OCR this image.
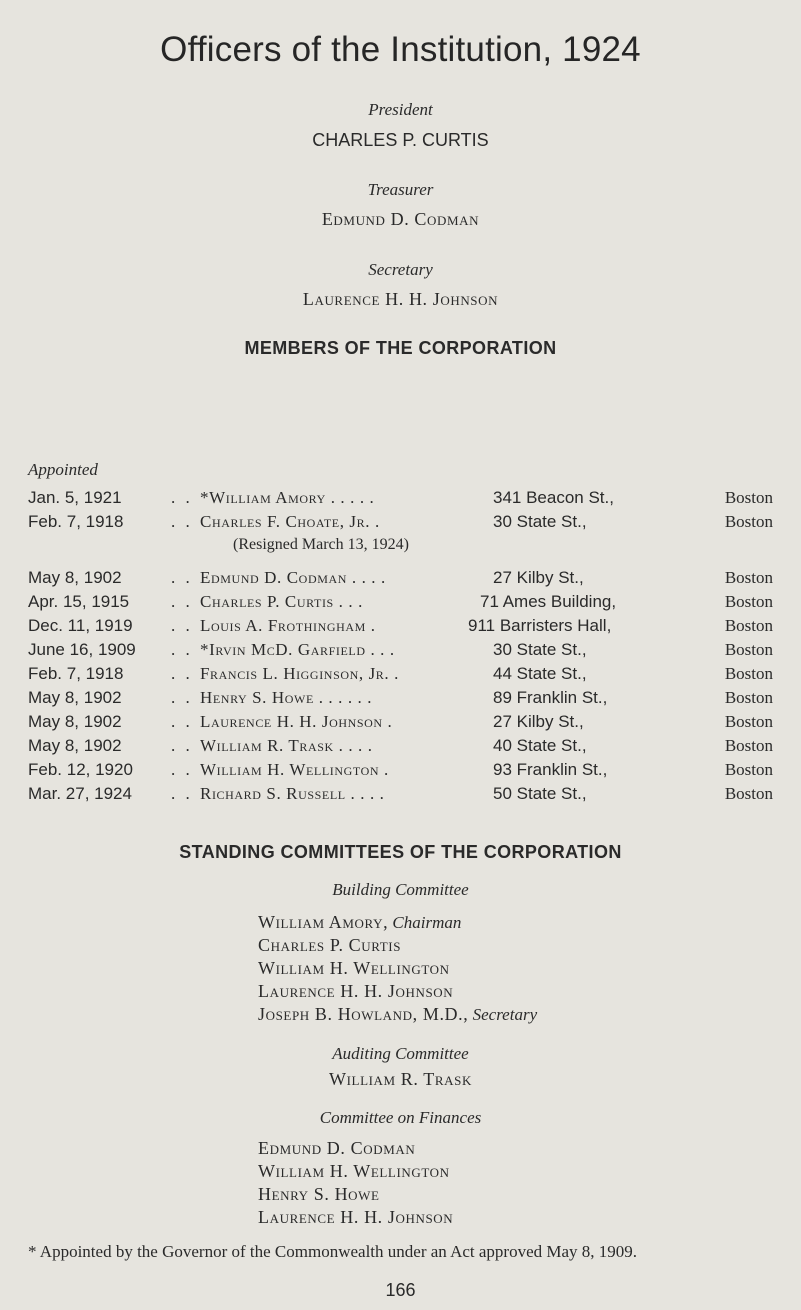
Officers of the Institution, 1924
President
CHARLES P. CURTIS
Treasurer
Edmund D. Codman
Secretary
Laurence H. H. Johnson
MEMBERS OF THE CORPORATION
Appointed
Jan. 5, 1921	. . *William Amory . . . . .	341 Beacon St.,	Boston
Feb. 7, 1918	. . Charles F. Choate, Jr. .	30 State St.,	Boston
(Resigned March 13, 1924)
May 8, 1902	. . Edmund D. Codman . . . .	27 Kilby St.,	Boston
Apr. 15, 1915 . . Charles P. Curtis . . .	71 Ames Building,	Boston
Dec. 11, 1919 . . Louis A. Frothingham .	911 Barristers Hall,	Boston
June 16, 1909 . . *Irvin McD. Garfield . . .	30 State St.,	Boston
Feb. 7, 1918	. . Francis L. Higginson, Jr. .	44 State St.,	Boston
May 8, 1902	. . Henry S. Howe . . . . . .	89 Franklin St.,	Boston
May 8, 1902	. . Laurence H. H. Johnson .	27 Kilby St.,	Boston
May 8, 1902	. . William R. Trask . . . .	40 State St.,	Boston
Feb. 12, 1920 . . William H. Wellington .	93 Franklin St.,	Boston
Mar. 27, 1924 . . Richard S. Russell . . . .	50 State St.,	Boston
STANDING COMMITTEES OF THE CORPORATION
Building Committee
William Amory, Chairman
Charles P. Curtis
William H. Wellington
Laurence H. H. Johnson
Joseph B. Howland, M.D., Secretary
Auditing Committee
William R. Trask
Committee on Finances
Edmund D. Codman
William H. Wellington
Henry S. Howe
Laurence H. H. Johnson
* Appointed by the Governor of the Commonwealth under an Act approved May 8, 1909.
166
